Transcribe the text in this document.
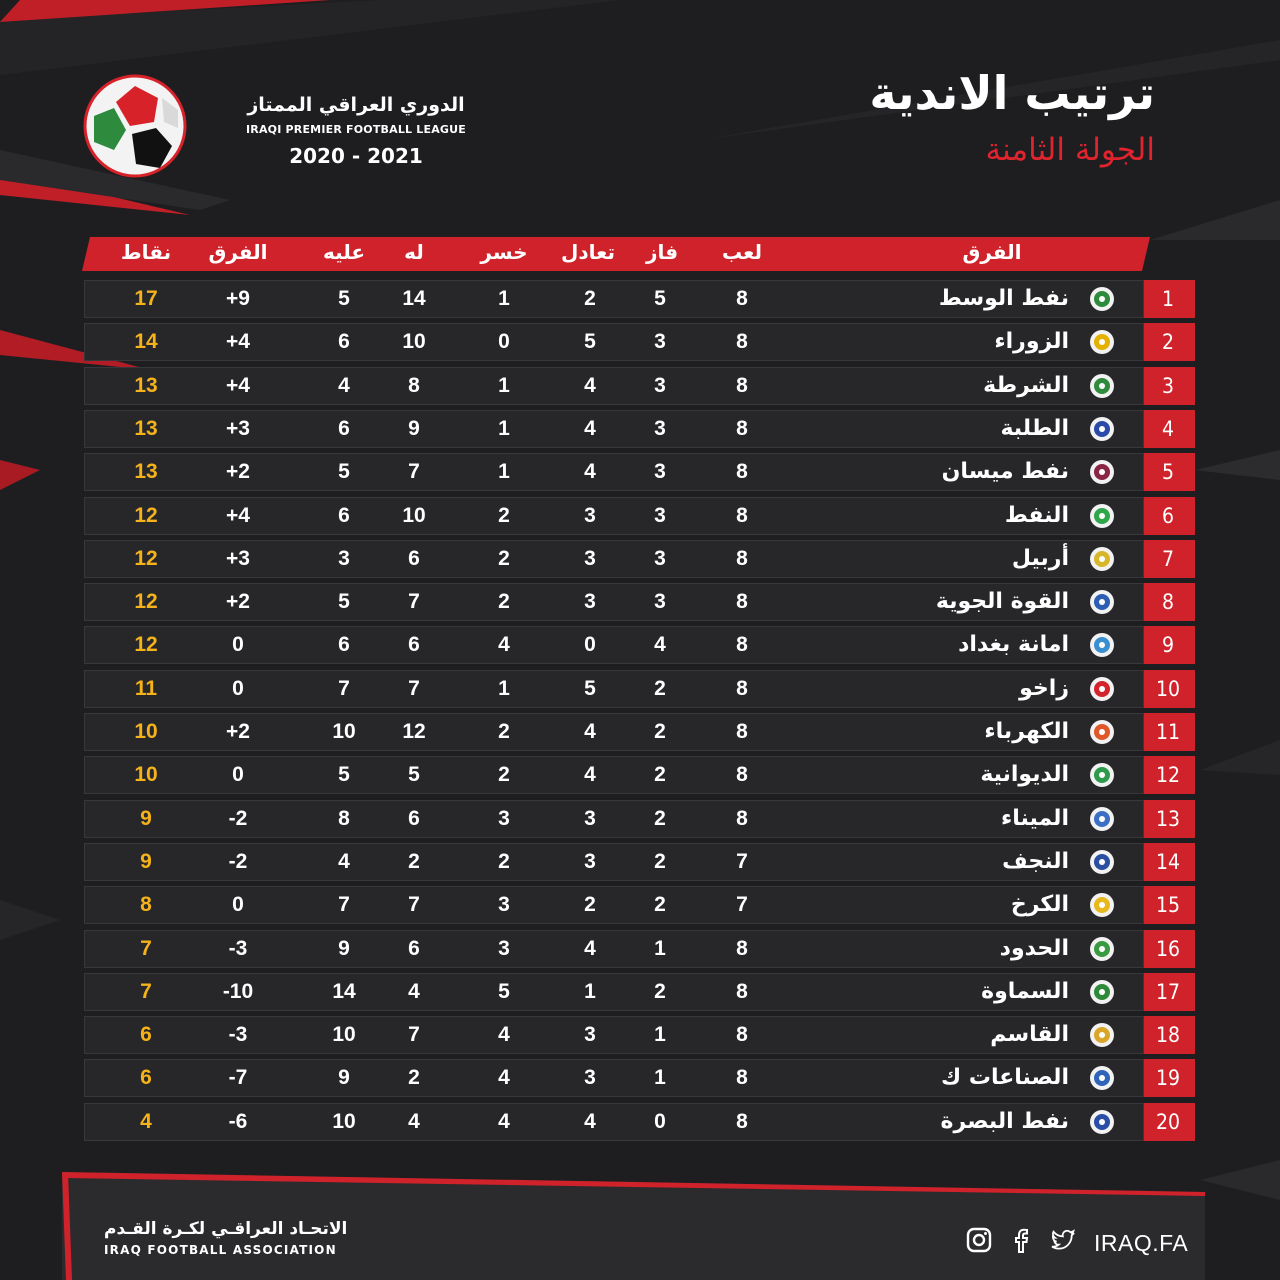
الدوري العراقي الممتاز
IRAQI PREMIER FOOTBALL LEAGUE
2020 - 2021
ترتيب الاندية
الجولة الثامنة
نقاط	الفرق	عليه	له	خسر	تعادل	فاز	لعب	الفرق
17	+9	5	14	1	2	5	8	نفط الوسط	1
14	+4	6	10	0	5	3	8	الزوراء	2
13	+4	4	8	1	4	3	8	الشرطة	3
13	+3	6	9	1	4	3	8	الطلبة	4
13	+2	5	7	1	4	3	8	نفط ميسان	5
12	+4	6	10	2	3	3	8	النفط	6
12	+3	3	6	2	3	3	8	أربيل	7
12	+2	5	7	2	3	3	8	القوة الجوية	8
12	0	6	6	4	0	4	8	امانة بغداد	9
11	0	7	7	1	5	2	8	زاخو	10
10	+2	10	12	2	4	2	8	الكهرباء	11
10	0	5	5	2	4	2	8	الديوانية	12
9	-2	8	6	3	3	2	8	الميناء	13
9	-2	4	2	2	3	2	7	النجف	14
8	0	7	7	3	2	2	7	الكرخ	15
7	-3	9	6	3	4	1	8	الحدود	16
7	-10	14	4	5	1	2	8	السماوة	17
6	-3	10	7	4	3	1	8	القاسم	18
6	-7	9	2	4	3	1	8	الصناعات ك	19
4	-6	10	4	4	4	0	8	نفط البصرة	20
الاتحـاد العراقـي لكـرة القـدم
IRAQ FOOTBALL ASSOCIATION	IRAQ.FA
